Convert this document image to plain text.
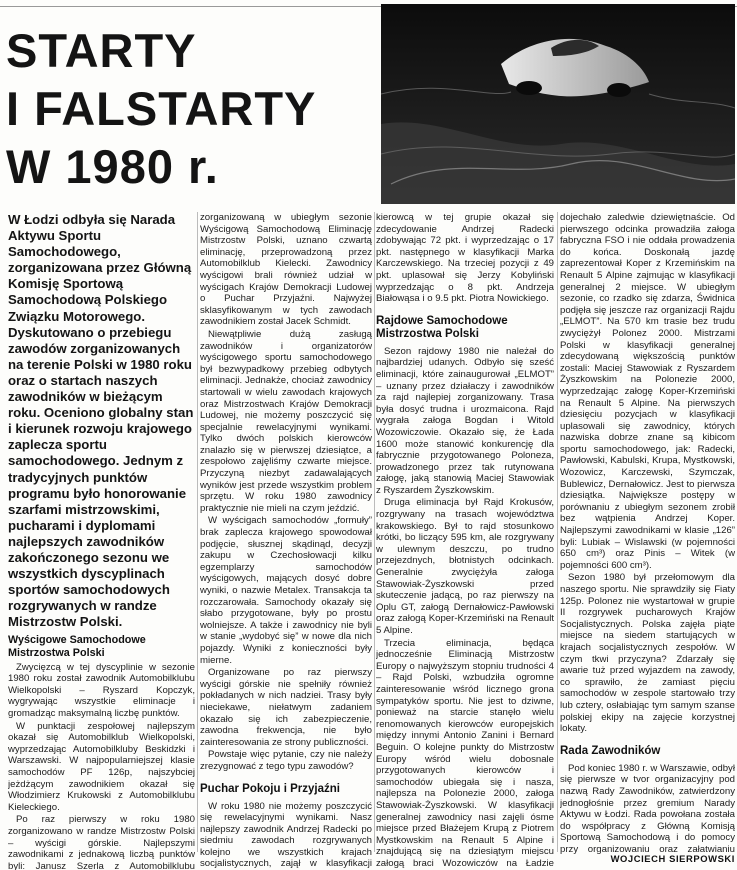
STARTY
I FALSTARTY
W 1980 r.

W Łodzi odbyła się Narada Aktywu Sportu Samochodowego, zorganizowana przez Główną Komisję Sportową Samochodową Polskiego Związku Motorowego. Dyskutowano o przebiegu zawodów zorganizowanych na terenie Polski w 1980 roku oraz o startach naszych zawodników w bieżącym roku. Oceniono globalny stan i kierunek rozwoju krajowego zaplecza sportu samochodowego. Jednym z tradycyjnych punktów programu było honorowanie szarfami mistrzowskimi, pucharami i dyplomami najlepszych zawodników zakończonego sezonu we wszystkich dyscyplinach sportów samochodowych rozgrywanych w randze Mistrzostw Polski.

Wyścigowe Samochodowe Mistrzostwa Polski

Zwycięzcą w tej dyscyplinie w sezonie 1980 roku został zawodnik Automobilklubu Wielkopolski – Ryszard Kopczyk, wygrywając wszystkie eliminacje i gromadząc maksymalną liczbę punktów.

W punktacji zespołowej najlepszym okazał się Automobilklub Wielkopolski, wyprzedzając Automobilkluby Beskidzki i Warszawski. W najpopularniejszej klasie samochodów PF 126p, najszybciej jeżdżącym zawodnikiem okazał się Włodzimierz Krukowski z Automobilklubu Kieleckiego.

Po raz pierwszy w roku 1980 zorganizowano w randze Mistrzostw Polski – wyścigi górskie. Najlepszymi zawodnikami z jednakową liczbą punktów byli: Janusz Szerla z Automobilklubu

zorganizowaną w ubiegłym sezonie Wyścigową Samochodową Eliminację Mistrzostw Polski, uznano czwartą eliminację, przeprowadzoną przez Automobilklub Kielecki. Zawodnicy wyścigowi brali również udział w wyścigach Krajów Demokracji Ludowej o Puchar Przyjaźni. Najwyżej sklasyfikowanym w tych zawodach zawodnikiem został Jacek Schmidt.

Niewątpliwie dużą zasługą zawodników i organizatorów wyścigowego sportu samochodowego był bezwypadkowy przebieg odbytych eliminacji. Jednakże, chociaż zawodnicy startowali w wielu zawodach krajowych oraz Mistrzostwach Krajów Demokracji Ludowej, nie możemy poszczycić się specjalnie rewelacyjnymi wynikami. Tylko dwóch polskich kierowców znalazło się w pierwszej dziesiątce, a zespołowo zajęliśmy czwarte miejsce. Przyczyną niezbyt zadawalających wyników jest przede wszystkim problem sprzętu. W roku 1980 zawodnicy praktycznie nie mieli na czym jeździć.

W wyścigach samochodów „formuły” brak zaplecza krajowego spowodował podjęcie, słusznej skądinąd, decyzji zakupu w Czechosłowacji kilku egzemplarzy samochodów wyścigowych, mających dosyć dobre wyniki, o nazwie Metalex. Transakcja ta rozczarowała. Samochody okazały się słabo przygotowane, były po prostu wolniejsze. A także i zawodnicy nie byli w stanie „wydobyć się” w nowe dla nich pojazdy. Wyniki z konieczności były mierne.

Organizowane po raz pierwszy wyścigi górskie nie spełniły również pokładanych w nich nadziei. Trasy były nieciekawe, niełatwym zadaniem okazało się ich zabezpieczenie, zawodna frekwencja, nie było zainteresowania ze strony publiczności.

Powstaje więc pytanie, czy nie należy zrezygnować z tego typu zawodów?

Puchar Pokoju i Przyjaźni

W roku 1980 nie możemy poszczycić się rewelacyjnymi wynikami. Nasz najlepszy zawodnik Andrzej Radecki po siedmiu zawodach rozgrywanych kolejno we wszystkich krajach socjalistycznych, zajął w klasyfikacji

kierowcą w tej grupie okazał się zdecydowanie Andrzej Radecki zdobywając 72 pkt. i wyprzedzając o 17 pkt. następnego w klasyfikacji Marka Karczewskiego. Na trzeciej pozycji z 49 pkt. uplasował się Jerzy Kobyliński wyprzedzając o 8 pkt. Andrzeja Białowąsa i o 9.5 pkt. Piotra Nowickiego.

Rajdowe Samochodowe Mistrzostwa Polski

Sezon rajdowy 1980 nie należał do najbardziej udanych. Odbyło się sześć eliminacji, które zainaugurował „ELMOT” – uznany przez działaczy i zawodników za rajd najlepiej zorganizowany. Trasa była dosyć trudna i urozmaicona. Rajd wygrała załoga Bogdan i Witold Wozowiczowie. Okazało się, że Łada 1600 może stanowić konkurencję dla fabrycznie przygotowanego Poloneza, prowadzonego przez tak rutynowana załogę, jaką stanowią Maciej Stawowiak z Ryszardem Żyszkowskim.

Druga eliminacja był Rajd Krokusów, rozgrywany na trasach województwa krakowskiego. Był to rajd stosunkowo krótki, bo liczący 595 km, ale rozgrywany w ulewnym deszczu, po trudno przejezdnych, błotnistych odcinkach. Generalnie zwyciężyła załoga Stawowiak-Żyszkowski przed skuteczenie jadącą, po raz pierwszy na Oplu GT, załogą Dernałowicz-Pawłowski oraz załogą Koper-Krzemiński na Renault 5 Alpine.

Trzecia eliminacja, będąca jednocześnie Eliminacją Mistrzostw Europy o najwyższym stopniu trudności 4 – Rajd Polski, wzbudziła ogromne zainteresowanie wśród licznego grona sympatyków sportu. Nie jest to dziwne, ponieważ na starcie stanęło wielu renomowanych kierowców europejskich między innymi Antonio Zanini i Bernard Beguin. O kolejne punkty do Mistrzostw Europy wśród wielu dobosnale przygotowanych kierowców i samochodów ubiegała się i nasza, najlepsza na Polonezie 2000, załoga Stawowiak-Żyszkowski. W klasyfikacji generalnej zawodnicy nasi zajęli ósme miejsce przed Błażejem Krupą z Piotrem Mystkowskim na Renault 5 Alpine i znajdującą się na dziesiątym miejscu załogą braci Wozowiczów na Ładzie

dojechało zaledwie dziewiętnaście. Od pierwszego odcinka prowadziła załoga fabryczna FSO i nie oddała prowadzenia do końca. Doskonałą jazdę zaprezentował Koper z Krzemińskim na Renault 5 Alpine zajmując w klasyfikacji generalnej 2 miejsce. W ubiegłym sezonie, co rzadko się zdarza, Świdnica podjęła się jeszcze raz organizacji Rajdu „ELMOT”. Na 570 km trasie bez trudu zwyciężył Polonez 2000. Mistrzami Polski w klasyfikacji generalnej zdecydowaną większością punktów zostali: Maciej Stawowiak z Ryszardem Żyszkowskim na Polonezie 2000, wyprzedzając załogę Koper-Krzemiński na Renault 5 Alpine. Na pierwszych dziesięciu pozycjach w klasyfikacji uplasowali się zawodnicy, których nazwiska dobrze znane są kibicom sportu samochodowego, jak: Radecki, Pawłowski, Kabulski, Krupa, Mystkowski, Wozowicz, Karczewski, Szymczak, Bublewicz, Dernałowicz. Jest to pierwsza dziesiątka. Największe postępy w porównaniu z ubiegłym sezonem zrobił bez wątpienia Andrzej Koper. Najlepszymi zawodnikami w klasie „126” byli: Lubiak – Wislawski (w pojemności 650 cm³) oraz Pinis – Witek (w pojemności 600 cm³).

Sezon 1980 był przełomowym dla naszego sportu. Nie sprawdziły się Fiaty 125p. Polonez nie wystartował w grupie II rozgrywek pucharowych Krajów Socjalistycznych. Polska zajęła piąte miejsce na siedem startujących w krajach socjalistycznych zespołów. W czym tkwi przyczyna? Zdarzały się awarie tuż przed wyjazdem na zawody, co sprawiło, że zamiast pięciu samochodów w zespole startowało trzy lub cztery, osłabiając tym samym szanse polskiej ekipy na zajęcie korzystnej lokaty.

Rada Zawodników

Pod koniec 1980 r. w Warszawie, odbył się pierwsze w tvor organizacyjny pod nazwą Rady Zawodników, zatwierdzony jednogłośnie przez gremium Narady Aktywu w Łodzi. Rada powołana została do współpracy z Główną Komisją Sportową Samochodową i do pomocy przy organizowaniu oraz załatwianiu

WOJCIECH SIERPOWSKI
